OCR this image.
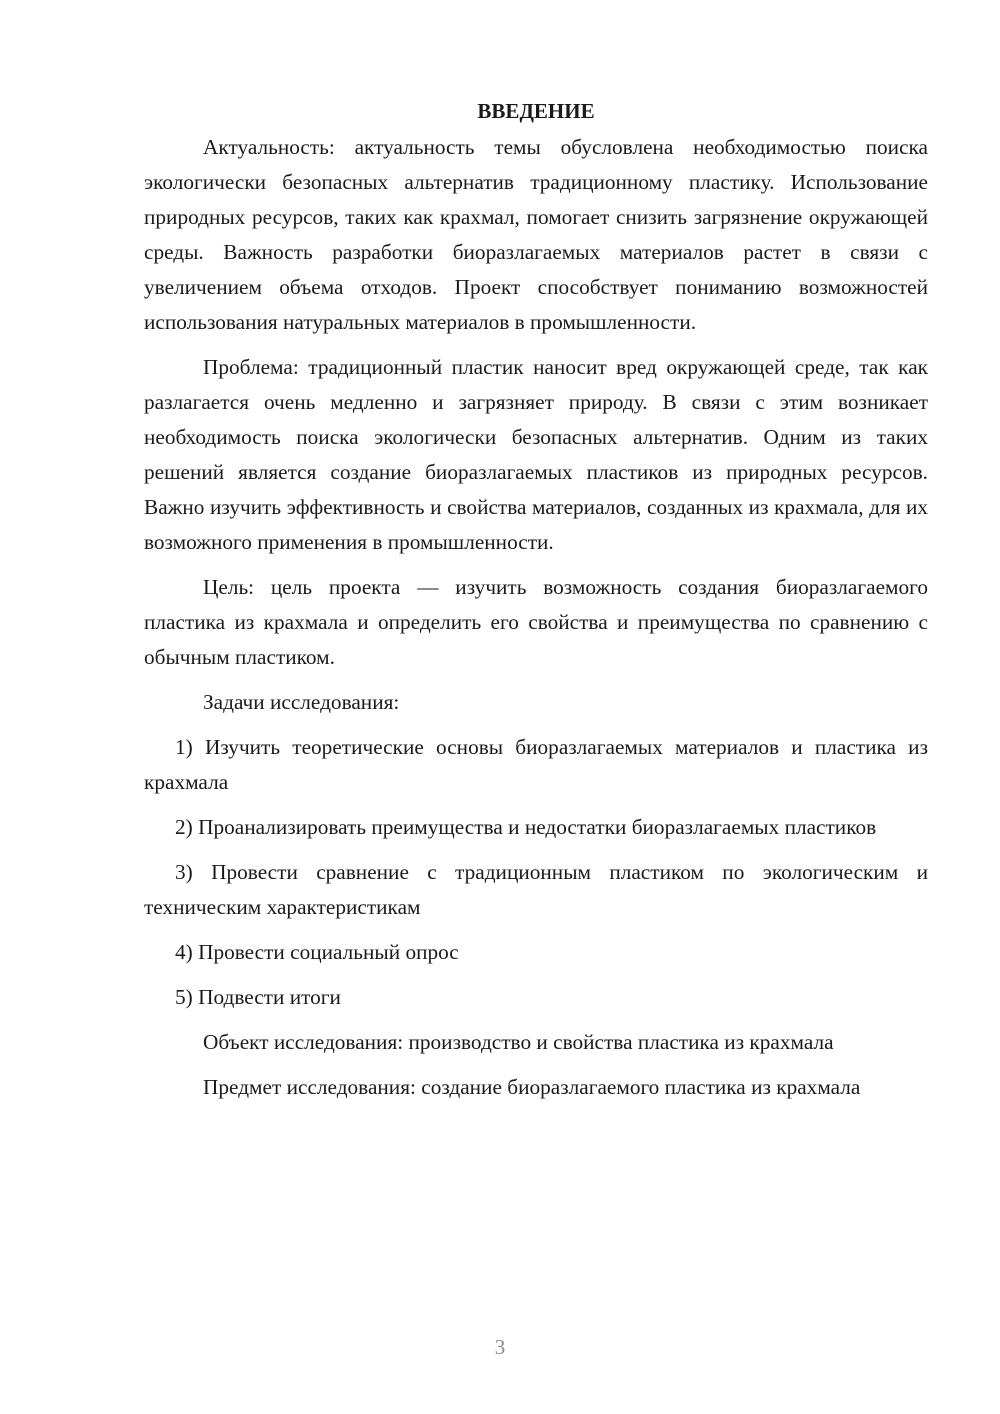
ВВЕДЕНИЕ

Актуальность: актуальность темы обусловлена необходимостью поиска экологически безопасных альтернатив традиционному пластику. Использование природных ресурсов, таких как крахмал, помогает снизить загрязнение окружающей среды. Важность разработки биоразлагаемых материалов растет в связи с увеличением объема отходов. Проект способствует пониманию возможностей использования натуральных материалов в промышленности.

Проблема: традиционный пластик наносит вред окружающей среде, так как разлагается очень медленно и загрязняет природу. В связи с этим возникает необходимость поиска экологически безопасных альтернатив. Одним из таких решений является создание биоразлагаемых пластиков из природных ресурсов. Важно изучить эффективность и свойства материалов, созданных из крахмала, для их возможного применения в промышленности.

Цель: цель проекта — изучить возможность создания биоразлагаемого пластика из крахмала и определить его свойства и преимущества по сравнению с обычным пластиком.

Задачи исследования:

1) Изучить теоретические основы биоразлагаемых материалов и пластика из крахмала

2) Проанализировать преимущества и недостатки биоразлагаемых пластиков

3) Провести сравнение с традиционным пластиком по экологическим и техническим характеристикам

4) Провести социальный опрос

5) Подвести итоги

Объект исследования: производство и свойства пластика из крахмала

Предмет исследования: создание биоразлагаемого пластика из крахмала

3
